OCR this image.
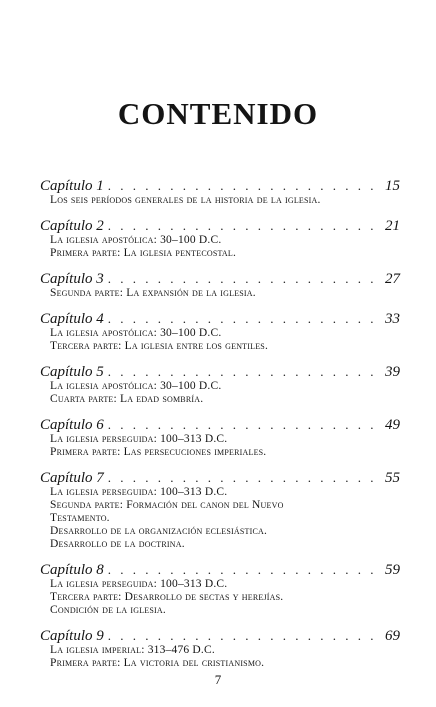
CONTENIDO
Capítulo 1 . . .	15
Los seis períodos generales de la historia de la iglesia.
Capítulo 2 . . .	21
La iglesia apostólica: 30–100 D.C.
Primera parte: La iglesia pentecostal.
Capítulo 3 . . .	27
Segunda parte: La expansión de la iglesia.
Capítulo 4 . . .	33
La iglesia apostólica: 30–100 D.C.
Tercera parte: La iglesia entre los gentiles.
Capítulo 5 . . .	39
La iglesia apostólica: 30–100 D.C.
Cuarta parte: La edad sombría.
Capítulo 6 . . .	49
La iglesia perseguida: 100–313 D.C.
Primera parte: Las persecuciones imperiales.
Capítulo 7 . . .	55
La iglesia perseguida: 100–313 D.C.
Segunda parte: Formación del canon del Nuevo
Testamento.
Desarrollo de la organización eclesiástica.
Desarrollo de la doctrina.
Capítulo 8 . . .	59
La iglesia perseguida: 100–313 D.C.
Tercera parte: Desarrollo de sectas y herejías.
Condición de la iglesia.
Capítulo 9 . . .	69
La iglesia imperial: 313–476 D.C.
Primera parte: La victoria del cristianismo.
7
